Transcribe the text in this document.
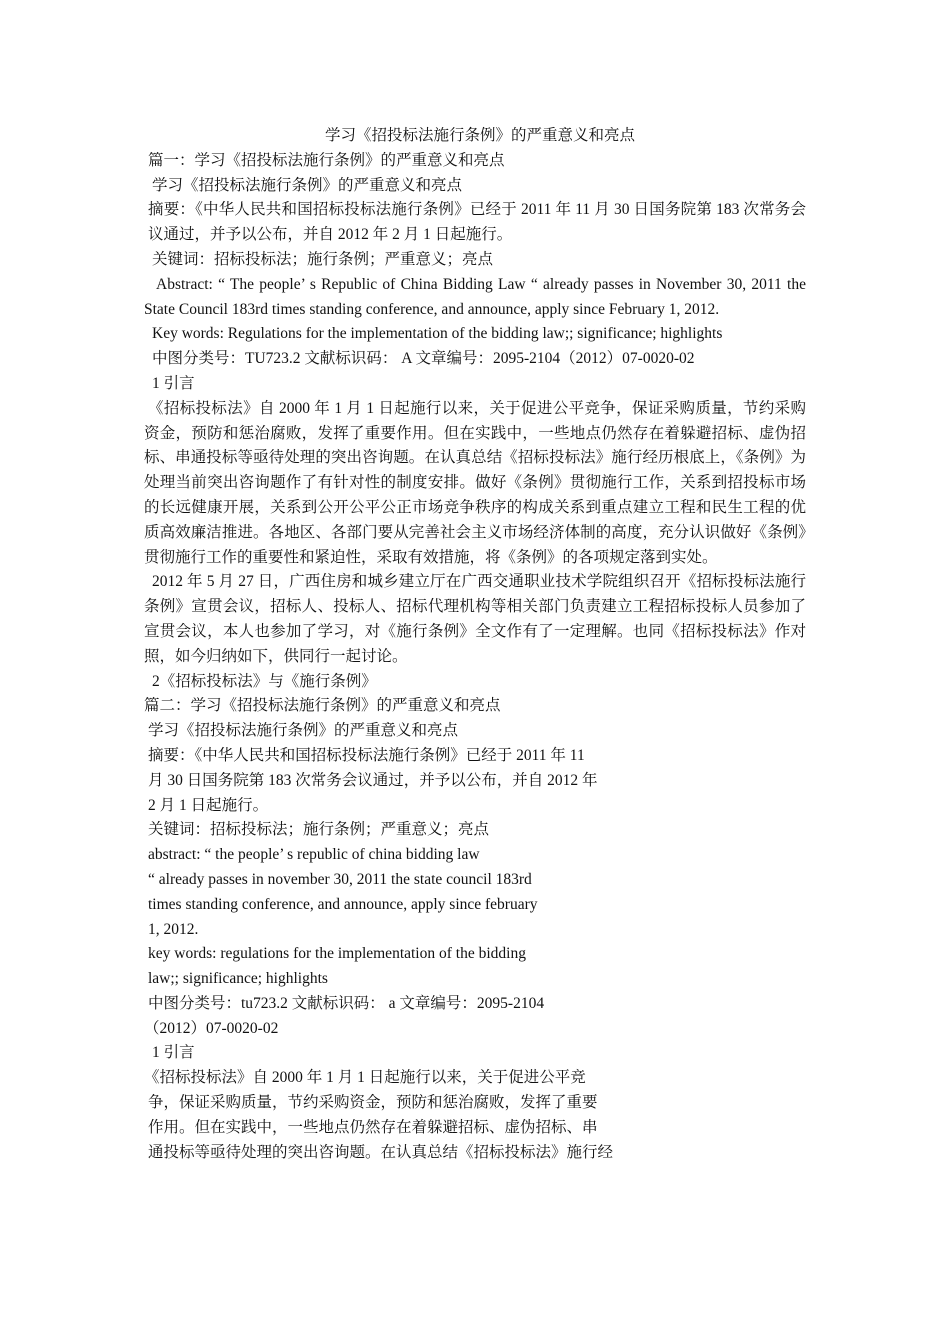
学习《招投标法施行条例》的严重意义和亮点
篇一：学习《招投标法施行条例》的严重意义和亮点
学习《招投标法施行条例》的严重意义和亮点
摘要：《中华人民共和国招标投标法施行条例》已经于 2011 年 11 月 30 日国务院第 183 次常务会议通过，并予以公布，并自 2012 年 2 月 1 日起施行。
关键词：招标投标法；施行条例；严重意义；亮点
Abstract: “ The people’ s Republic of China Bidding Law “ already passes in November 30, 2011 the State Council 183rd times standing conference, and announce, apply since February 1, 2012.
Key words: Regulations for the implementation of the bidding law;; significance; highlights
中图分类号：TU723.2 文献标识码： A 文章编号：2095-2104（2012）07-0020-02
1 引言
《招标投标法》自 2000 年 1 月 1 日起施行以来，关于促进公平竞争，保证采购质量，节约采购资金，预防和惩治腐败，发挥了重要作用。但在实践中，一些地点仍然存在着躲避招标、虚伪招标、串通投标等亟待处理的突出咨询题。在认真总结《招标投标法》施行经历根底上，《条例》为处理当前突出咨询题作了有针对性的制度安排。做好《条例》贯彻施行工作，关系到招投标市场的长远健康开展，关系到公开公平公正市场竞争秩序的构成关系到重点建立工程和民生工程的优质高效廉洁推进。各地区、各部门要从完善社会主义市场经济体制的高度，充分认识做好《条例》贯彻施行工作的重要性和紧迫性，采取有效措施，将《条例》的各项规定落到实处。
2012 年 5 月 27 日，广西住房和城乡建立厅在广西交通职业技术学院组织召开《招标投标法施行条例》宣贯会议，招标人、投标人、招标代理机构等相关部门负责建立工程招标投标人员参加了宣贯会议，本人也参加了学习，对《施行条例》全文作有了一定理解。也同《招标投标法》作对照，如今归纳如下，供同行一起讨论。
2《招标投标法》与《施行条例》
篇二：学习《招投标法施行条例》的严重意义和亮点
学习《招投标法施行条例》的严重意义和亮点
摘要：《中华人民共和国招标投标法施行条例》已经于 2011 年 11
月 30 日国务院第 183 次常务会议通过，并予以公布，并自 2012 年
2 月 1 日起施行。
关键词：招标投标法；施行条例；严重意义；亮点
abstract: “ the people’ s republic of china bidding law
“ already passes in november 30, 2011 the state council 183rd
times standing conference, and announce, apply since february
1, 2012.
key words: regulations for the implementation of the bidding
law;; significance; highlights
中图分类号：tu723.2 文献标识码： a 文章编号：2095-2104
（2012）07-0020-02
1 引言
《招标投标法》自 2000 年 1 月 1 日起施行以来，关于促进公平竞
争，保证采购质量，节约采购资金，预防和惩治腐败，发挥了重要
作用。但在实践中，一些地点仍然存在着躲避招标、虚伪招标、串
通投标等亟待处理的突出咨询题。在认真总结《招标投标法》施行经
